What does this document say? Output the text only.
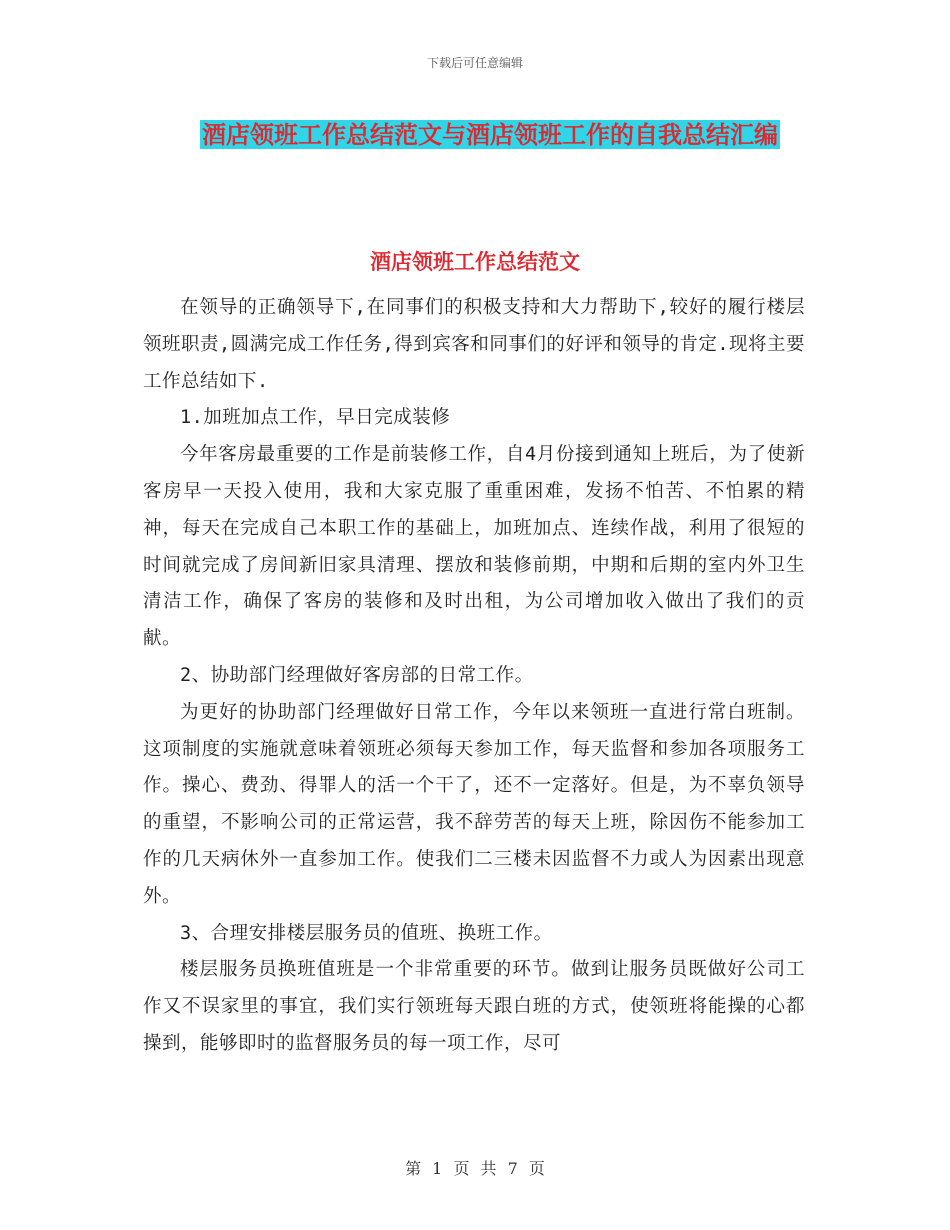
下载后可任意编辑
酒店领班工作总结范文与酒店领班工作的自我总结汇编
酒店领班工作总结范文

在领导的正确领导下,在同事们的积极支持和大力帮助下,较好的履行楼层领班职责,圆满完成工作任务,得到宾客和同事们的好评和领导的肯定.现将主要工作总结如下.

1.加班加点工作，早日完成装修

今年客房最重要的工作是前装修工作，自4月份接到通知上班后，为了使新客房早一天投入使用，我和大家克服了重重困难，发扬不怕苦、不怕累的精神，每天在完成自己本职工作的基础上，加班加点、连续作战，利用了很短的时间就完成了房间新旧家具清理、摆放和装修前期，中期和后期的室内外卫生清洁工作，确保了客房的装修和及时出租，为公司增加收入做出了我们的贡献。

2、协助部门经理做好客房部的日常工作。

为更好的协助部门经理做好日常工作，今年以来领班一直进行常白班制。这项制度的实施就意味着领班必须每天参加工作，每天监督和参加各项服务工作。操心、费劲、得罪人的活一个干了，还不一定落好。但是，为不辜负领导的重望，不影响公司的正常运营，我不辞劳苦的每天上班，除因伤不能参加工作的几天病休外一直参加工作。使我们二三楼未因监督不力或人为因素出现意外。

3、合理安排楼层服务员的值班、换班工作。

楼层服务员换班值班是一个非常重要的环节。做到让服务员既做好公司工作又不误家里的事宜，我们实行领班每天跟白班的方式，使领班将能操的心都操到，能够即时的监督服务员的每一项工作，尽可

第 1 页 共 7 页
